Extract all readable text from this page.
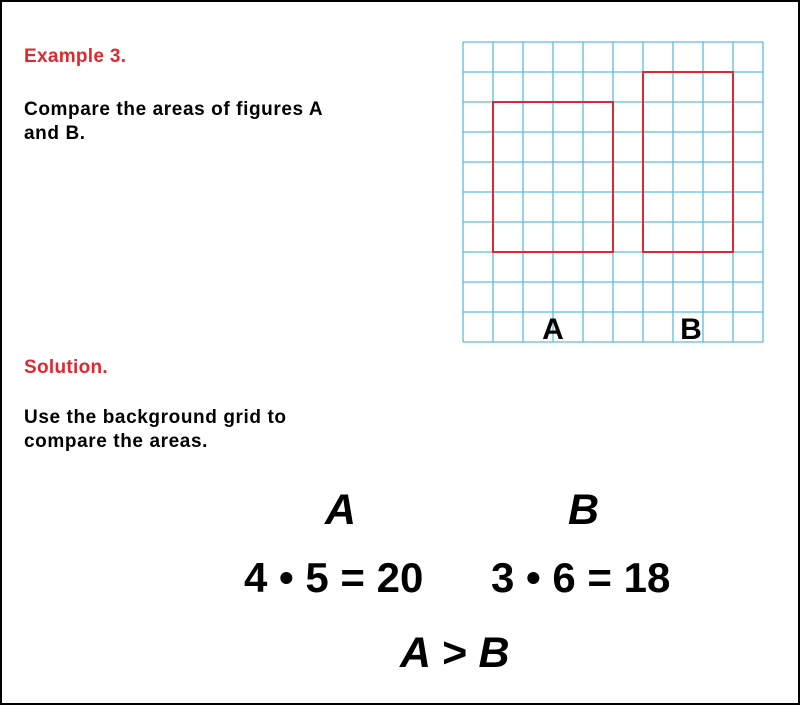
Example 3.
Compare the areas of figures A
and B.
Solution.
Use the background grid to
compare the areas.
A	B
A	B
4 • 5 = 20 3 • 6 = 18
A > B
